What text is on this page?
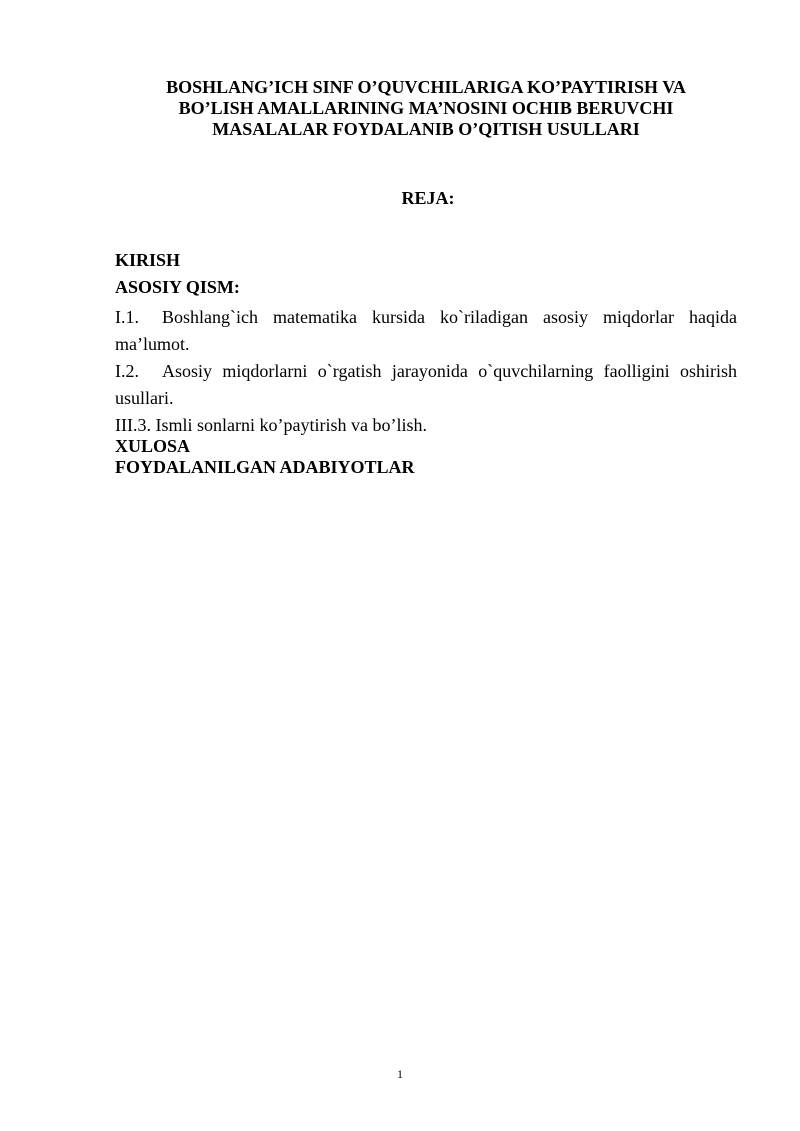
BOSHLANG’ICH SINF O’QUVCHILARIGA KO’PAYTIRISH VA
BO’LISH AMALLARINING MA’NOSINI OCHIB BERUVCHI
MASALALAR FOYDALANIB O’QITISH USULLARI
REJA:

KIRISH

ASOSIY QISM:

I.1. Boshlang`ich matematika kursida ko`riladigan asosiy miqdorlar haqida ma’lumot.

I.2. Asosiy miqdorlarni o`rgatish jarayonida o`quvchilarning faolligini oshirish usullari.

III.3. Ismli sonlarni ko’paytirish va bo’lish.

XULOSA

FOYDALANILGAN ADABIYOTLAR

1
